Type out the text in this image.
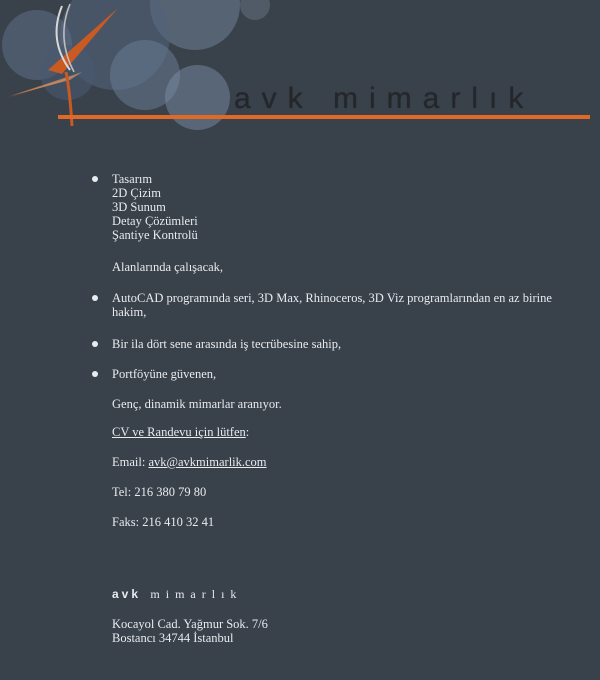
avk mimarlık
Tasarım
2D Çizim
3D Sunum
Detay Çözümleri
Şantiye Kontrolü
Alanlarında çalışacak,
AutoCAD programında seri, 3D Max, Rhinoceros, 3D Viz programlarından en az birine hakim,
Bir ila dört sene arasında iş tecrübesine sahip,
Portföyüne güvenen,
Genç, dinamik mimarlar aranıyor.
CV ve Randevu için lütfen:
Email: avk@avkmimarlik.com
Tel: 216 380 79 80
Faks: 216 410 32 41
avk mimarlık
Kocayol Cad. Yağmur Sok. 7/6
Bostancı 34744 İstanbul
